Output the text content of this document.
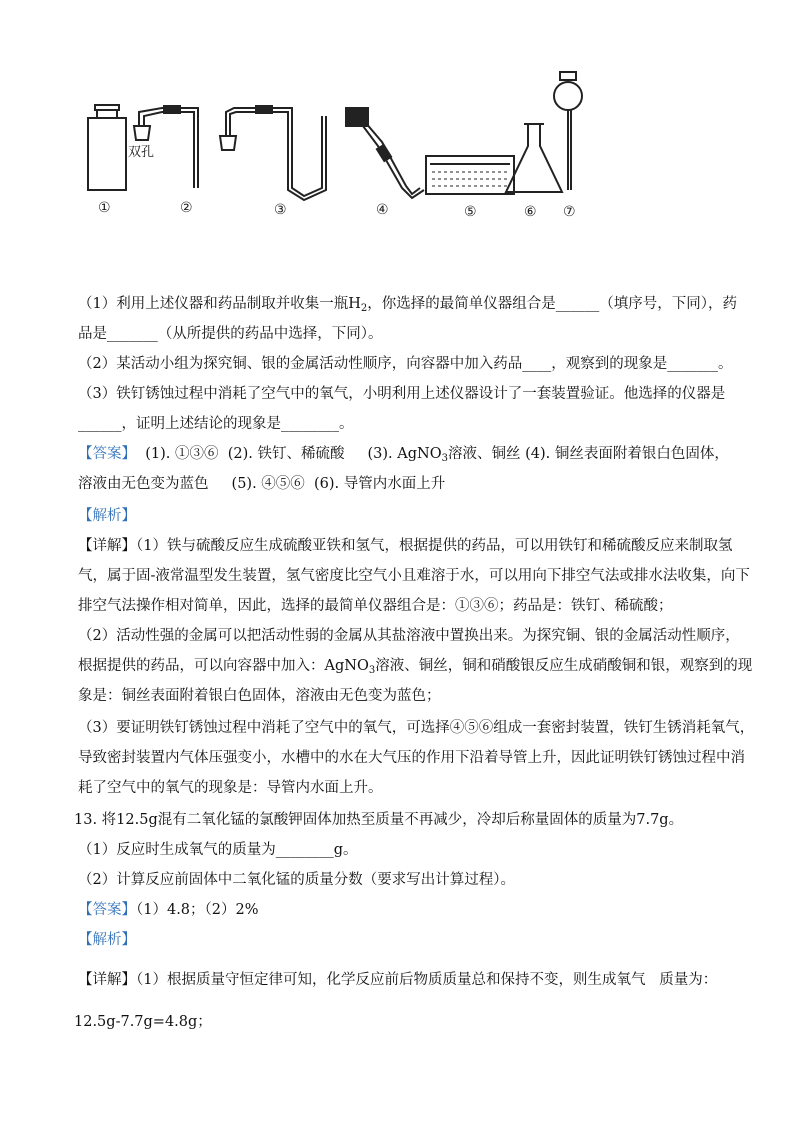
双孔
①	②	③	④	⑤	⑥ ⑦
（1）利用上述仪器和药品制取并收集一瓶$H_2$，你选择的最简单仪器组合是______（填序号，下同），药
品是_______（从所提供的药品中选择，下同）。
（2）某活动小组为探究铜、银的金属活动性顺序，向容器中加入药品____，观察到的现象是_______。
（3）铁钉锈蚀过程中消耗了空气中的氧气，小明利用上述仪器设计了一套装置验证。他选择的仪器是
______，证明上述结论的现象是________。
【答案】  (1). ①③⑥  (2). 铁钉、稀硫酸     (3). AgNO$_3$溶液、铜丝 (4). 铜丝表面附着银白色固体，
溶液由无色变为蓝色     (5). ④⑤⑥  (6). 导管内水面上升
【解析】
【详解】（1）铁与硫酸反应生成硫酸亚铁和氢气，根据提供的药品，可以用铁钉和稀硫酸反应来制取氢
气，属于固-液常温型发生装置，氢气密度比空气小且难溶于水，可以用向下排空气法或排水法收集，向下
排空气法操作相对简单，因此，选择的最简单仪器组合是：①③⑥；药品是：铁钉、稀硫酸；
（2）活动性强的金属可以把活动性弱的金属从其盐溶液中置换出来。为探究铜、银的金属活动性顺序，
根据提供的药品，可以向容器中加入：AgNO$_3$溶液、铜丝，铜和硝酸银反应生成硝酸铜和银，观察到的现
象是：铜丝表面附着银白色固体，溶液由无色变为蓝色；
（3）要证明铁钉锈蚀过程中消耗了空气中的氧气，可选择④⑤⑥组成一套密封装置，铁钉生锈消耗氧气，
导致密封装置内气体压强变小，水槽中的水在大气压的作用下沿着导管上升，因此证明铁钉锈蚀过程中消
耗了空气中的氧气的现象是：导管内水面上升。
13. 将12.5g混有二氧化锰的氯酸钾固体加热至质量不再减少，冷却后称量固体的质量为7.7g。
（1）反应时生成氧气的质量为________g。
（2）计算反应前固体中二氧化锰的质量分数（要求写出计算过程）。
【答案】（1）4.8；（2）2%
【解析】
【详解】（1）根据质量守恒定律可知，化学反应前后物质质量总和保持不变，则生成氧气   质量为：
12.5g-7.7g=4.8g；
